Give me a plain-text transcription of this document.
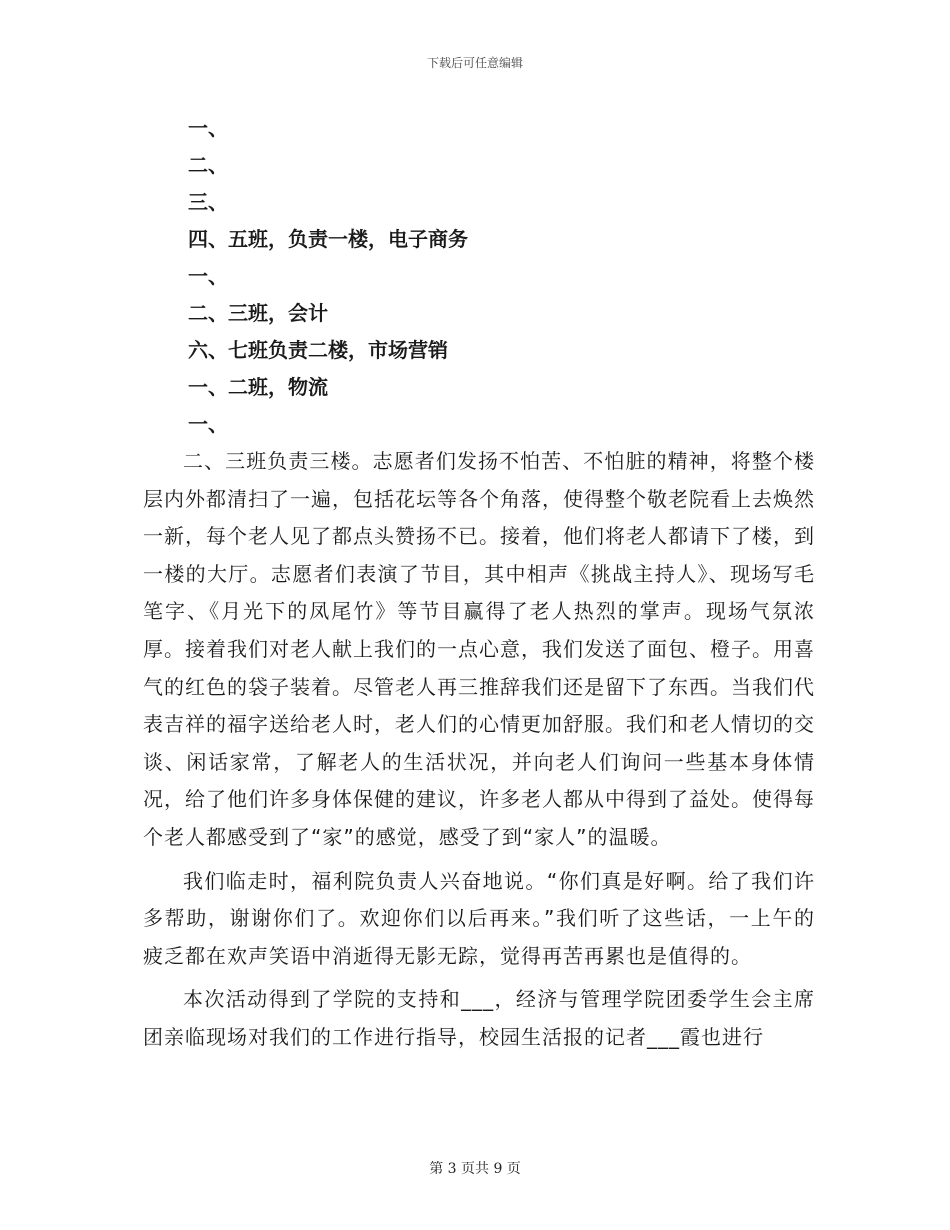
下载后可任意编辑
一、
二、
三、
四、五班，负责一楼，电子商务
一、
二、三班，会计
六、七班负责二楼，市场营销
一、二班，物流
一、

二、三班负责三楼。志愿者们发扬不怕苦、不怕脏的精神，将整个楼层内外都清扫了一遍，包括花坛等各个角落，使得整个敬老院看上去焕然一新，每个老人见了都点头赞扬不已。接着，他们将老人都请下了楼，到一楼的大厅。志愿者们表演了节目，其中相声《挑战主持人》、现场写毛笔字、《月光下的凤尾竹》等节目赢得了老人热烈的掌声。现场气氛浓厚。接着我们对老人献上我们的一点心意，我们发送了面包、橙子。用喜气的红色的袋子装着。尽管老人再三推辞我们还是留下了东西。当我们代表吉祥的福字送给老人时，老人们的心情更加舒服。我们和老人情切的交谈、闲话家常，了解老人的生活状况，并向老人们询问一些基本身体情况，给了他们许多身体保健的建议，许多老人都从中得到了益处。使得每个老人都感受到了“家”的感觉，感受了到“家人”的温暖。

我们临走时，福利院负责人兴奋地说。“你们真是好啊。给了我们许多帮助，谢谢你们了。欢迎你们以后再来。”我们听了这些话，一上午的疲乏都在欢声笑语中消逝得无影无踪，觉得再苦再累也是值得的。

本次活动得到了学院的支持和___，经济与管理学院团委学生会主席团亲临现场对我们的工作进行指导，校园生活报的记者___霞也进行

第 3 页共 9 页
